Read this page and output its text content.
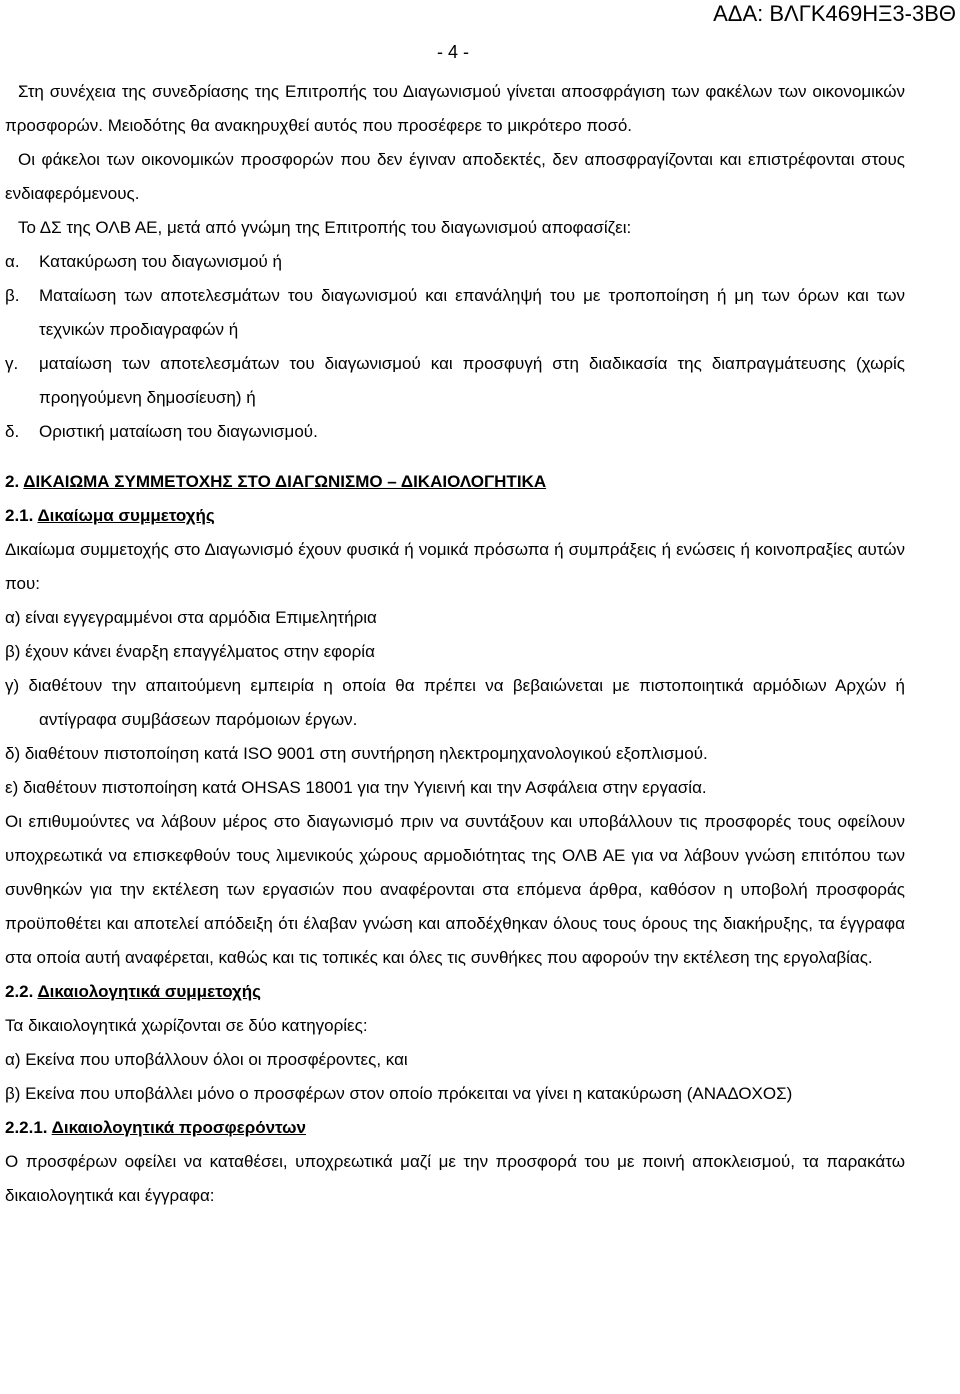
ΑΔΑ: ΒΛΓΚ469ΗΞ3-3ΒΘ
- 4 -

Στη συνέχεια της συνεδρίασης της Επιτροπής του Διαγωνισμού γίνεται αποσφράγιση των φακέλων των οικονομικών προσφορών. Μειοδότης θα ανακηρυχθεί αυτός που προσέφερε το μικρότερο ποσό.

Οι φάκελοι των οικονομικών προσφορών που δεν έγιναν αποδεκτές, δεν αποσφραγίζονται και επιστρέφονται στους ενδιαφερόμενους.

Το ΔΣ της ΟΛΒ ΑΕ, μετά από γνώμη της Επιτροπής του διαγωνισμού αποφασίζει:

α.	Κατακύρωση του διαγωνισμού ή
β.	Ματαίωση των αποτελεσμάτων του διαγωνισμού και επανάληψή του με τροποποίηση ή μη των όρων και των τεχνικών προδιαγραφών ή
γ.	ματαίωση των αποτελεσμάτων του διαγωνισμού και προσφυγή στη διαδικασία της διαπραγμάτευσης (χωρίς προηγούμενη δημοσίευση) ή
δ.	Οριστική ματαίωση του διαγωνισμού.
2. ΔΙΚΑΙΩΜΑ ΣΥΜΜΕΤΟΧΗΣ ΣΤΟ ΔΙΑΓΩΝΙΣΜΟ – ΔΙΚΑΙΟΛΟΓΗΤΙΚΑ
2.1. Δικαίωμα συμμετοχής

Δικαίωμα συμμετοχής στο Διαγωνισμό έχουν φυσικά ή νομικά πρόσωπα ή συμπράξεις ή ενώσεις ή κοινοπραξίες αυτών που:

α) είναι εγγεγραμμένοι στα αρμόδια Επιμελητήρια

β) έχουν κάνει έναρξη επαγγέλματος στην εφορία

γ) διαθέτουν την απαιτούμενη εμπειρία η οποία θα πρέπει να βεβαιώνεται με πιστοποιητικά αρμόδιων Αρχών ή αντίγραφα συμβάσεων παρόμοιων έργων.

δ) διαθέτουν πιστοποίηση κατά ISO 9001 στη συντήρηση ηλεκτρομηχανολογικού εξοπλισμού.

ε) διαθέτουν πιστοποίηση κατά OHSAS 18001 για την Υγιεινή και την Ασφάλεια στην εργασία.

Οι επιθυμούντες να λάβουν μέρος στο διαγωνισμό πριν να συντάξουν και υποβάλλουν τις προσφορές τους οφείλουν υποχρεωτικά να επισκεφθούν τους λιμενικούς χώρους αρμοδιότητας της ΟΛΒ ΑΕ για να λάβουν γνώση επιτόπου των συνθηκών για την εκτέλεση των εργασιών που αναφέρονται στα επόμενα άρθρα, καθόσον η υποβολή προσφοράς προϋποθέτει και αποτελεί απόδειξη ότι έλαβαν γνώση και αποδέχθηκαν όλους τους όρους της διακήρυξης, τα έγγραφα στα οποία αυτή αναφέρεται, καθώς και τις τοπικές και όλες τις συνθήκες που αφορούν την εκτέλεση της εργολαβίας.

2.2. Δικαιολογητικά συμμετοχής

Τα δικαιολογητικά χωρίζονται σε δύο κατηγορίες:

α) Εκείνα που υποβάλλουν όλοι οι προσφέροντες, και

β) Εκείνα που υποβάλλει μόνο ο προσφέρων στον οποίο πρόκειται να γίνει η κατακύρωση (ΑΝΑΔΟΧΟΣ)

2.2.1. Δικαιολογητικά προσφερόντων

Ο προσφέρων οφείλει να καταθέσει, υποχρεωτικά μαζί με την προσφορά του με ποινή αποκλεισμού, τα παρακάτω δικαιολογητικά και έγγραφα:
